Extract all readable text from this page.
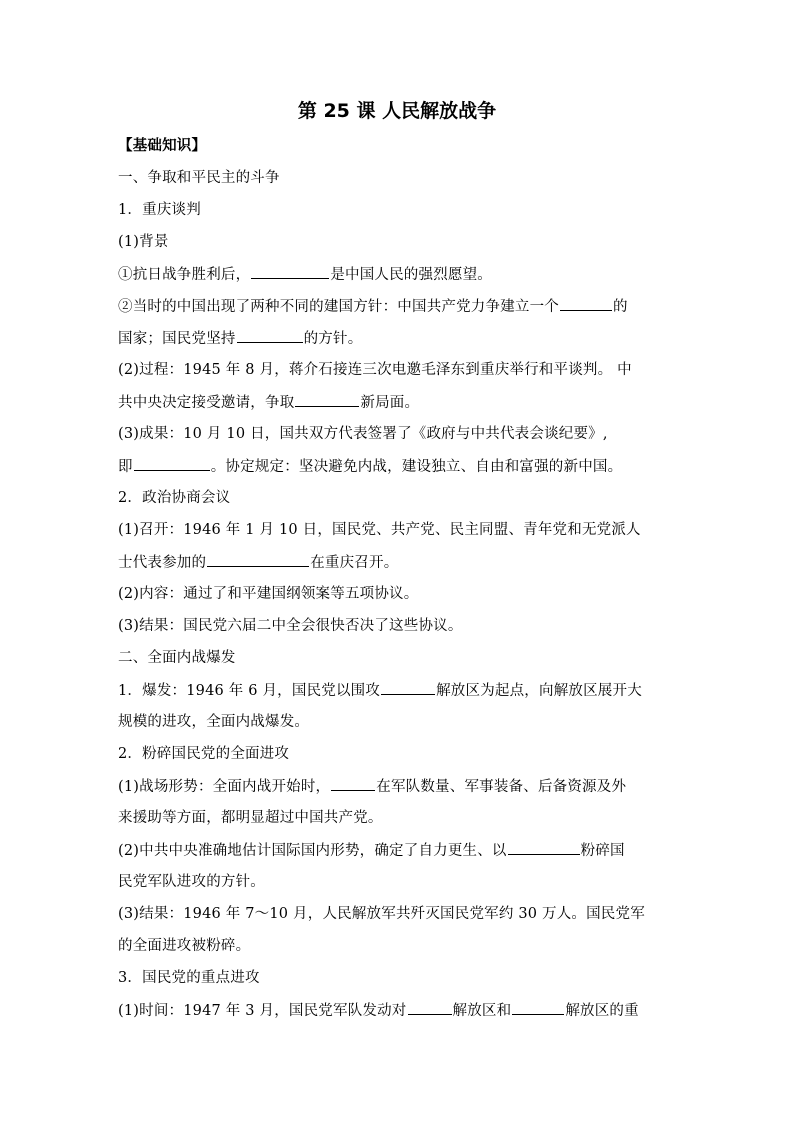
第 25 课 人民解放战争
【基础知识】
一、争取和平民主的斗争
1．重庆谈判
(1)背景
①抗日战争胜利后，	是中国人民的强烈愿望。
②当时的中国出现了两种不同的建国方针：中国共产党力争建立一个	的
国家；国民党坚持	的方针。
(2)过程：1945 年 8 月，蒋介石接连三次电邀毛泽东到重庆举行和平谈判。 中
共中央决定接受邀请，争取	新局面。
(3)成果：10 月 10 日，国共双方代表签署了《政府与中共代表会谈纪要》,
即	。协定规定：坚决避免内战，建设独立、自由和富强的新中国。
2．政治协商会议
(1)召开：1946 年 1 月 10 日，国民党、共产党、民主同盟、青年党和无党派人
士代表参加的	在重庆召开。
(2)内容：通过了和平建国纲领案等五项协议。
(3)结果：国民党六届二中全会很快否决了这些协议。
二、全面内战爆发
1．爆发：1946 年 6 月，国民党以围攻	解放区为起点，向解放区展开大
规模的进攻，全面内战爆发。
2．粉碎国民党的全面进攻
(1)战场形势：全面内战开始时，	在军队数量、军事装备、后备资源及外
来援助等方面，都明显超过中国共产党。
(2)中共中央准确地估计国际国内形势，确定了自力更生、以	粉碎国
民党军队进攻的方针。
(3)结果：1946 年 7～10 月，人民解放军共歼灭国民党军约 30 万人。国民党军
的全面进攻被粉碎。
3．国民党的重点进攻
(1)时间：1947 年 3 月，国民党军队发动对	解放区和	解放区的重
